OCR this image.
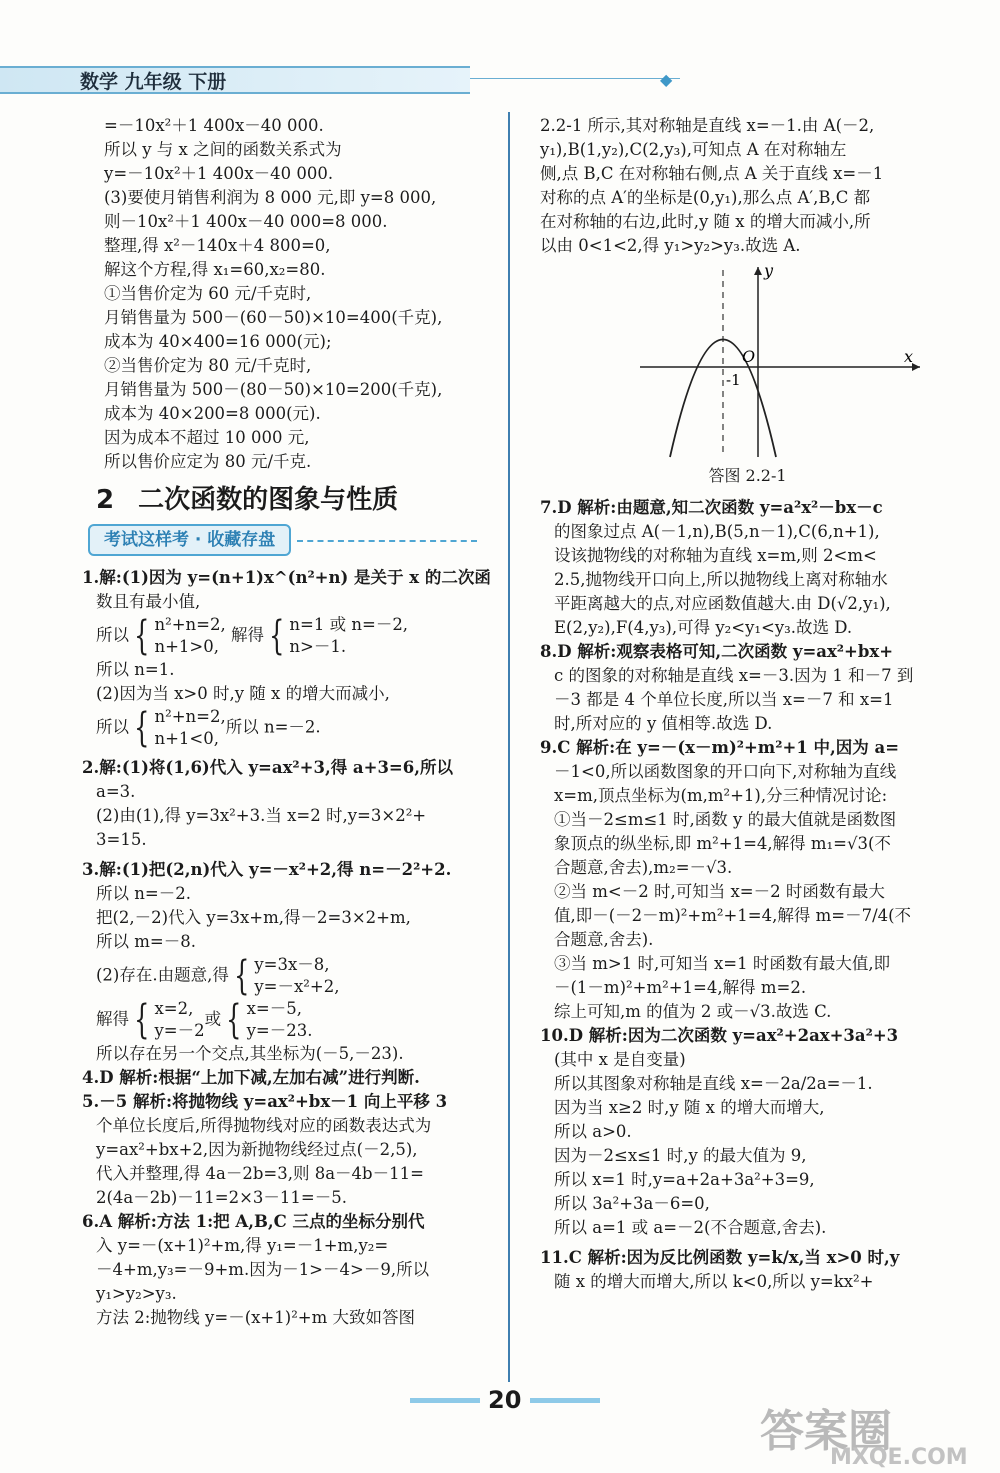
数学 九年级 下册	◆

=－10x²＋1 400x－40 000.

所以 y 与 x 之间的函数关系式为

y=－10x²＋1 400x－40 000.

(3)要使月销售利润为 8 000 元,即 y=8 000,

则－10x²＋1 400x－40 000=8 000.

整理,得 x²－140x＋4 800=0,

解这个方程,得 x₁=60,x₂=80.

①当售价定为 60 元/千克时,

月销售量为 500－(60－50)×10=400(千克),

成本为 40×400=16 000(元);

②当售价定为 80 元/千克时,

月销售量为 500－(80－50)×10=200(千克),

成本为 40×200=8 000(元).

因为成本不超过 10 000 元,

所以售价应定为 80 元/千克.

2 二次函数的图象与性质
考试这样考 · 收藏存盘

1.解:(1)因为 y=(n+1)x^(n²+n) 是关于 x 的二次函

数且有最小值,

所以 { n²+n=2,
n+1>0, 解得 { n=1 或 n=－2,
n>－1.

所以 n=1.

(2)因为当 x>0 时,y 随 x 的增大而减小,

所以 { n²+n=2,
n+1<0,所以 n=－2.

2.解:(1)将(1,6)代入 y=ax²+3,得 a+3=6,所以

a=3.

(2)由(1),得 y=3x²+3.当 x=2 时,y=3×2²+

3=15.

3.解:(1)把(2,n)代入 y=－x²+2,得 n=－2²+2.

所以 n=－2.

把(2,－2)代入 y=3x+m,得－2=3×2+m,

所以 m=－8.

(2)存在.由题意,得 { y=3x－8,
y=－x²+2,

解得 { x=2,
y=－2或 { x=－5,
y=－23.

所以存在另一个交点,其坐标为(－5,－23).

4.D 解析:根据“上加下减,左加右减”进行判断.

5.－5 解析:将抛物线 y=ax²+bx－1 向上平移 3

个单位长度后,所得抛物线对应的函数表达式为

y=ax²+bx+2,因为新抛物线经过点(－2,5),

代入并整理,得 4a－2b=3,则 8a－4b－11=

2(4a－2b)－11=2×3－11=－5.

6.A 解析:方法 1:把 A,B,C 三点的坐标分别代

入 y=－(x+1)²+m,得 y₁=－1+m,y₂=

－4+m,y₃=－9+m.因为－1>－4>－9,所以

y₁>y₂>y₃.

方法 2:抛物线 y=－(x+1)²+m 大致如答图

2.2-1 所示,其对称轴是直线 x=－1.由 A(－2,

y₁),B(1,y₂),C(2,y₃),可知点 A 在对称轴左

侧,点 B,C 在对称轴右侧,点 A 关于直线 x=－1

对称的点 A′的坐标是(0,y₁),那么点 A′,B,C 都

在对称轴的右边,此时,y 随 x 的增大而减小,所

以由 0<1<2,得 y₁>y₂>y₃.故选 A.

y
x
O
-1
答图 2.2-1

7.D 解析:由题意,知二次函数 y=a²x²－bx－c

的图象过点 A(－1,n),B(5,n－1),C(6,n+1),

设该抛物线的对称轴为直线 x=m,则 2<m<

2.5,抛物线开口向上,所以抛物线上离对称轴水

平距离越大的点,对应函数值越大.由 D(√2,y₁),

E(2,y₂),F(4,y₃),可得 y₂<y₁<y₃.故选 D.

8.D 解析:观察表格可知,二次函数 y=ax²+bx+

c 的图象的对称轴是直线 x=－3.因为 1 和－7 到

－3 都是 4 个单位长度,所以当 x=－7 和 x=1

时,所对应的 y 值相等.故选 D.

9.C 解析:在 y=－(x－m)²+m²+1 中,因为 a=

－1<0,所以函数图象的开口向下,对称轴为直线

x=m,顶点坐标为(m,m²+1),分三种情况讨论:

①当－2≤m≤1 时,函数 y 的最大值就是函数图

象顶点的纵坐标,即 m²+1=4,解得 m₁=√3(不

合题意,舍去),m₂=－√3.

②当 m<－2 时,可知当 x=－2 时函数有最大

值,即－(－2－m)²+m²+1=4,解得 m=－7/4(不

合题意,舍去).

③当 m>1 时,可知当 x=1 时函数有最大值,即

－(1－m)²+m²+1=4,解得 m=2.

综上可知,m 的值为 2 或－√3.故选 C.

10.D 解析:因为二次函数 y=ax²+2ax+3a²+3

(其中 x 是自变量)

所以其图象对称轴是直线 x=－2a/2a=－1.

因为当 x≥2 时,y 随 x 的增大而增大,

所以 a>0.

因为－2≤x≤1 时,y 的最大值为 9,

所以 x=1 时,y=a+2a+3a²+3=9,

所以 3a²+3a－6=0,

所以 a=1 或 a=－2(不合题意,舍去).

11.C 解析:因为反比例函数 y=k/x,当 x>0 时,y

随 x 的增大而增大,所以 k<0,所以 y=kx²+

20
答案圈
MXQE.COM
